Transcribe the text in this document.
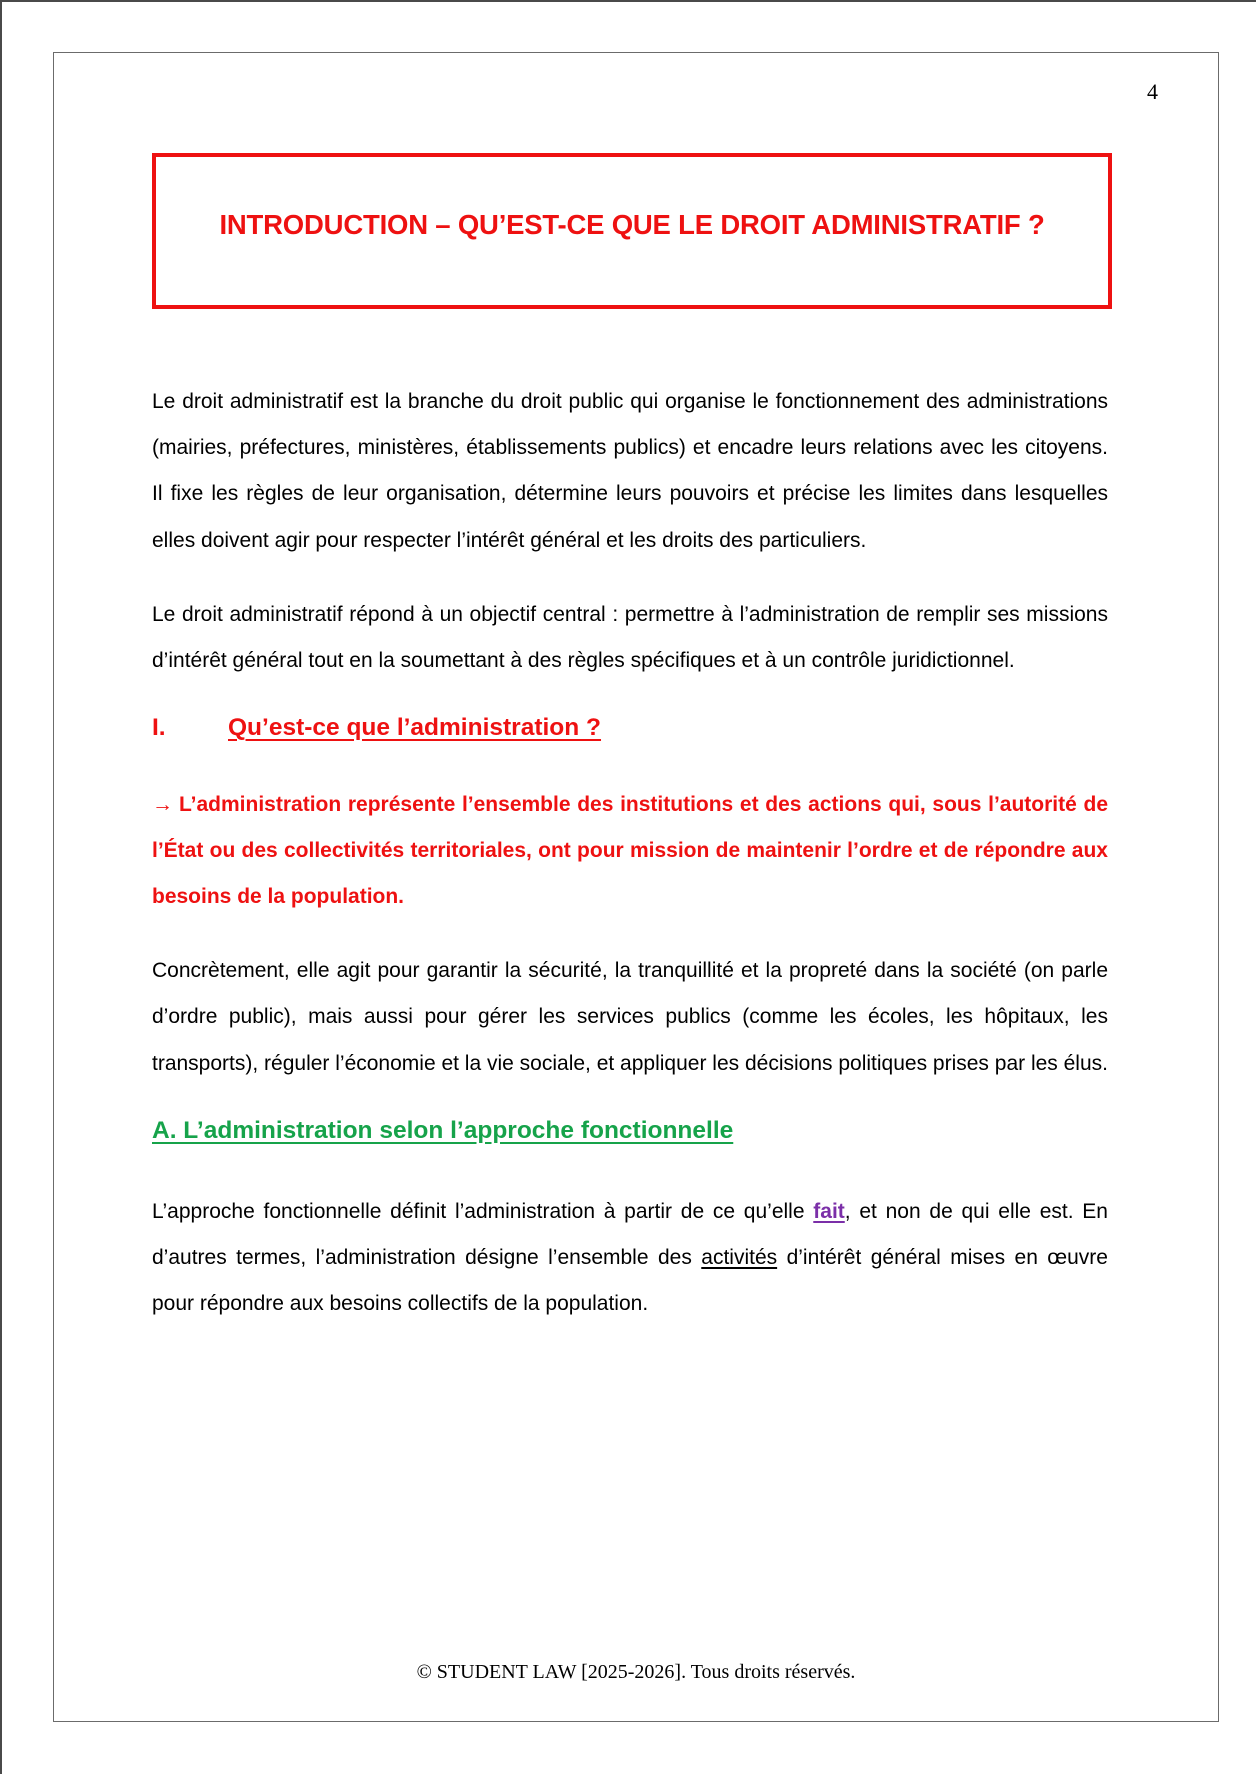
4
INTRODUCTION – QU’EST-CE QUE LE DROIT ADMINISTRATIF ?

Le droit administratif est la branche du droit public qui organise le fonctionnement des administrations (mairies, préfectures, ministères, établissements publics) et encadre leurs relations avec les citoyens. Il fixe les règles de leur organisation, détermine leurs pouvoirs et précise les limites dans lesquelles elles doivent agir pour respecter l’intérêt général et les droits des particuliers.

Le droit administratif répond à un objectif central : permettre à l’administration de remplir ses missions d’intérêt général tout en la soumettant à des règles spécifiques et à un contrôle juridictionnel.

I.	Qu’est-ce que l’administration ?
→ L’administration représente l’ensemble des institutions et des actions qui, sous l’autorité de l’État ou des collectivités territoriales, ont pour mission de maintenir l’ordre et de répondre aux besoins de la population.

Concrètement, elle agit pour garantir la sécurité, la tranquillité et la propreté dans la société (on parle d’ordre public), mais aussi pour gérer les services publics (comme les écoles, les hôpitaux, les transports), réguler l’économie et la vie sociale, et appliquer les décisions politiques prises par les élus.

A. L’administration selon l’approche fonctionnelle

L’approche fonctionnelle définit l’administration à partir de ce qu’elle fait, et non de qui elle est. En d’autres termes, l’administration désigne l’ensemble des activités d’intérêt général mises en œuvre pour répondre aux besoins collectifs de la population.

© STUDENT LAW [2025-2026]. Tous droits réservés.
